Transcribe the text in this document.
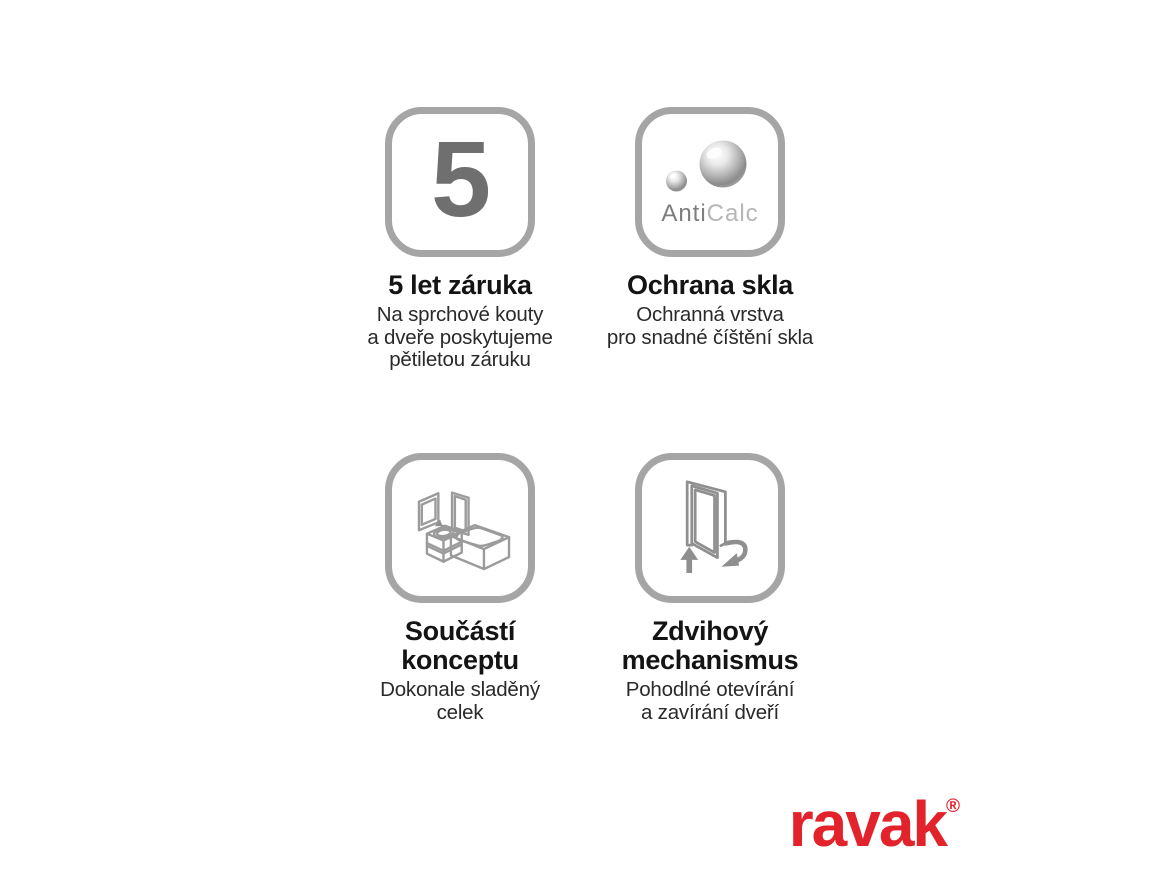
5
5 let záruka
Na sprchové kouty
a dveře poskytujeme
pětiletou záruku
AntiCalc
Ochrana skla
Ochranná vrstva
pro snadné číštění skla
Součástí
konceptu
Dokonale sladěný
celek
Zdvihový
mechanismus
Pohodlné otevírání
a zavírání dveří
ravak®
